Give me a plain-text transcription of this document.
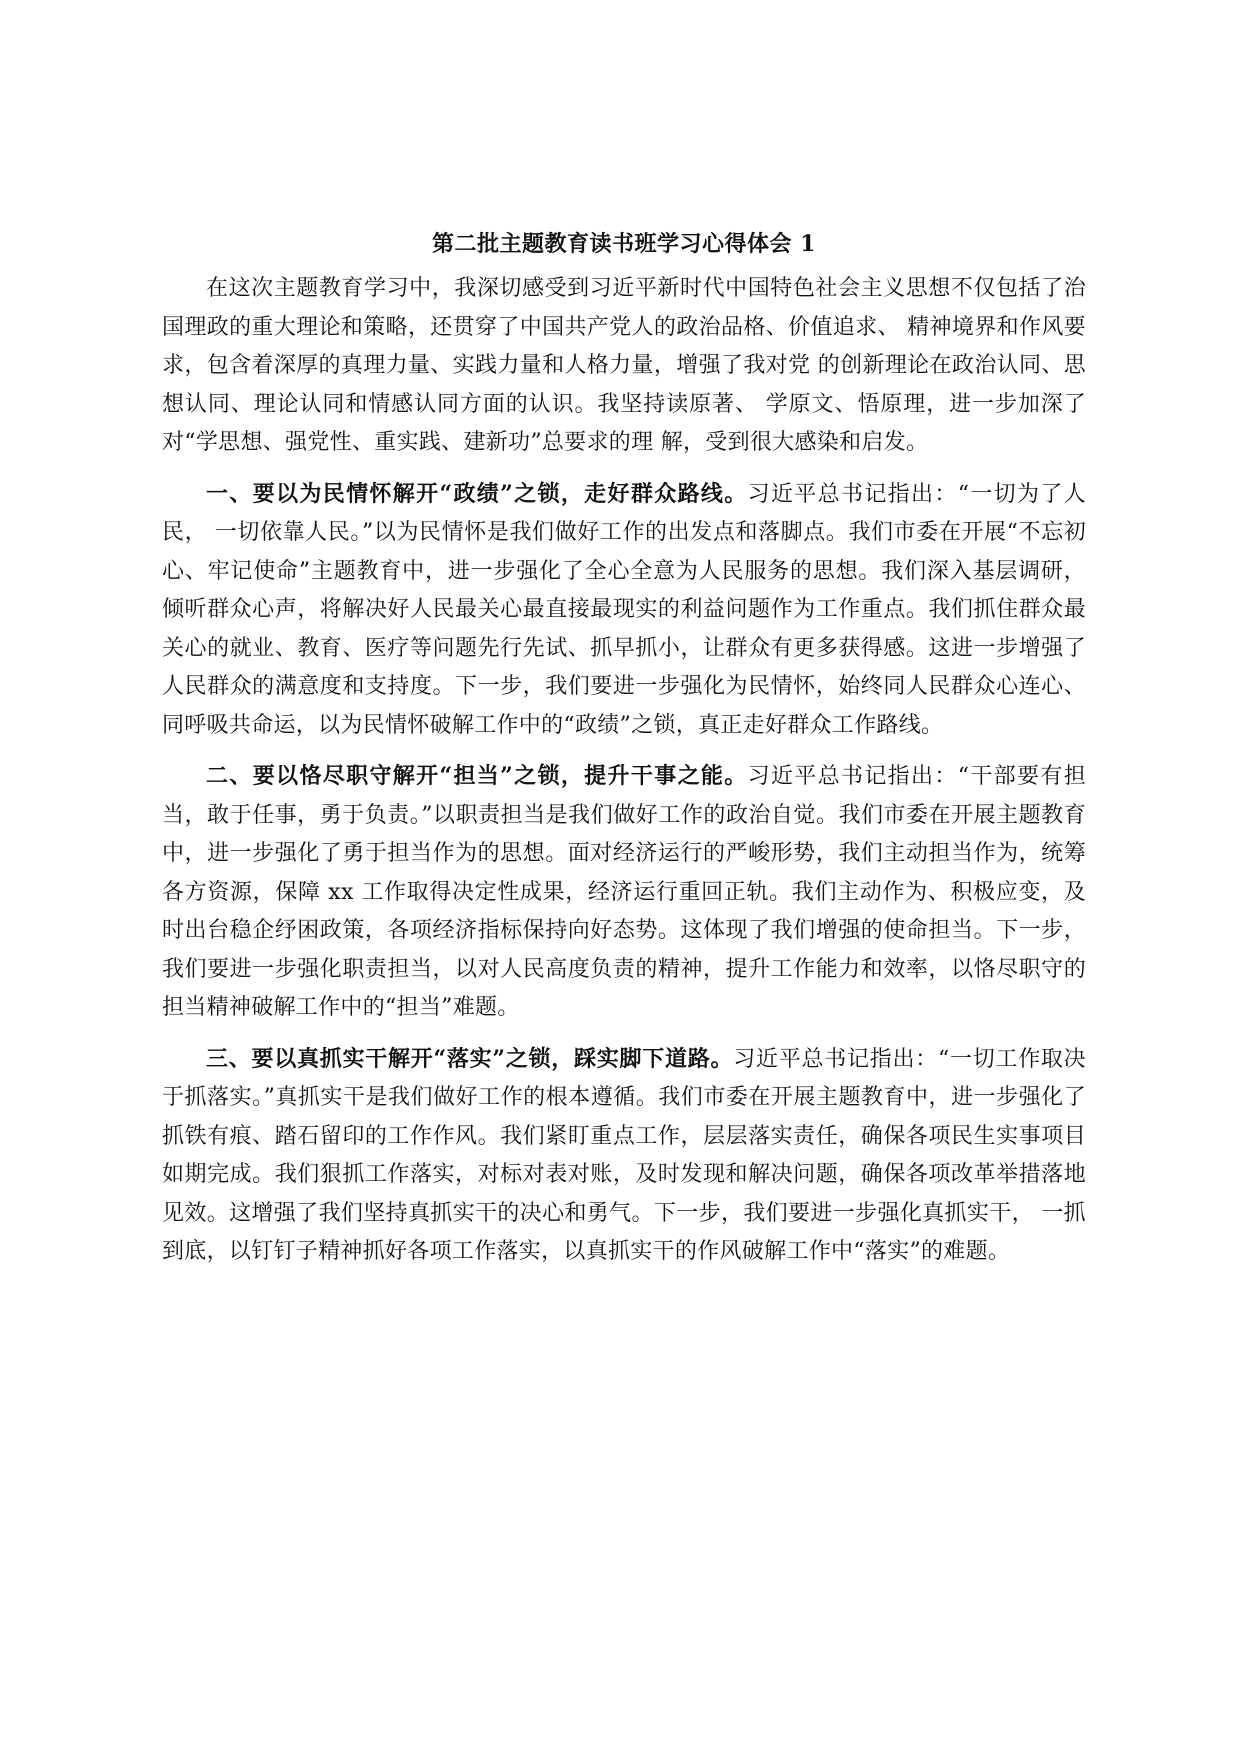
第二批主题教育读书班学习心得体会 1

在这次主题教育学习中，我深切感受到习近平新时代中国特色社会主义思想不仅包括了治国理政的重大理论和策略，还贯穿了中国共产党人的政治品格、价值追求、 精神境界和作风要求，包含着深厚的真理力量、实践力量和人格力量，增强了我对党 的创新理论在政治认同、思想认同、理论认同和情感认同方面的认识。我坚持读原著、 学原文、悟原理，进一步加深了对“学思想、强党性、重实践、建新功”总要求的理 解，受到很大感染和启发。

一、要以为民情怀解开“政绩”之锁，走好群众路线。习近平总书记指出：“一切为了人民， 一切依靠人民。”以为民情怀是我们做好工作的出发点和落脚点。我们市委在开展“不忘初心、牢记使命”主题教育中，进一步强化了全心全意为人民服务的思想。我们深入基层调研，倾听群众心声，将解决好人民最关心最直接最现实的利益问题作为工作重点。我们抓住群众最关心的就业、教育、医疗等问题先行先试、抓早抓小，让群众有更多获得感。这进一步增强了人民群众的满意度和支持度。下一步，我们要进一步强化为民情怀，始终同人民群众心连心、同呼吸共命运，以为民情怀破解工作中的“政绩”之锁，真正走好群众工作路线。

二、要以恪尽职守解开“担当”之锁，提升干事之能。习近平总书记指出：“干部要有担当，敢于任事，勇于负责。”以职责担当是我们做好工作的政治自觉。我们市委在开展主题教育中，进一步强化了勇于担当作为的思想。面对经济运行的严峻形势，我们主动担当作为，统筹各方资源，保障 xx 工作取得决定性成果，经济运行重回正轨。我们主动作为、积极应变，及时出台稳企纾困政策，各项经济指标保持向好态势。这体现了我们增强的使命担当。下一步，我们要进一步强化职责担当，以对人民高度负责的精神，提升工作能力和效率，以恪尽职守的担当精神破解工作中的“担当”难题。

三、要以真抓实干解开“落实”之锁，踩实脚下道路。习近平总书记指出：“一切工作取决于抓落实。”真抓实干是我们做好工作的根本遵循。我们市委在开展主题教育中，进一步强化了抓铁有痕、踏石留印的工作作风。我们紧盯重点工作，层层落实责任，确保各项民生实事项目如期完成。我们狠抓工作落实，对标对表对账，及时发现和解决问题，确保各项改革举措落地见效。这增强了我们坚持真抓实干的决心和勇气。下一步，我们要进一步强化真抓实干， 一抓到底，以钉钉子精神抓好各项工作落实，以真抓实干的作风破解工作中“落实”的难题。
